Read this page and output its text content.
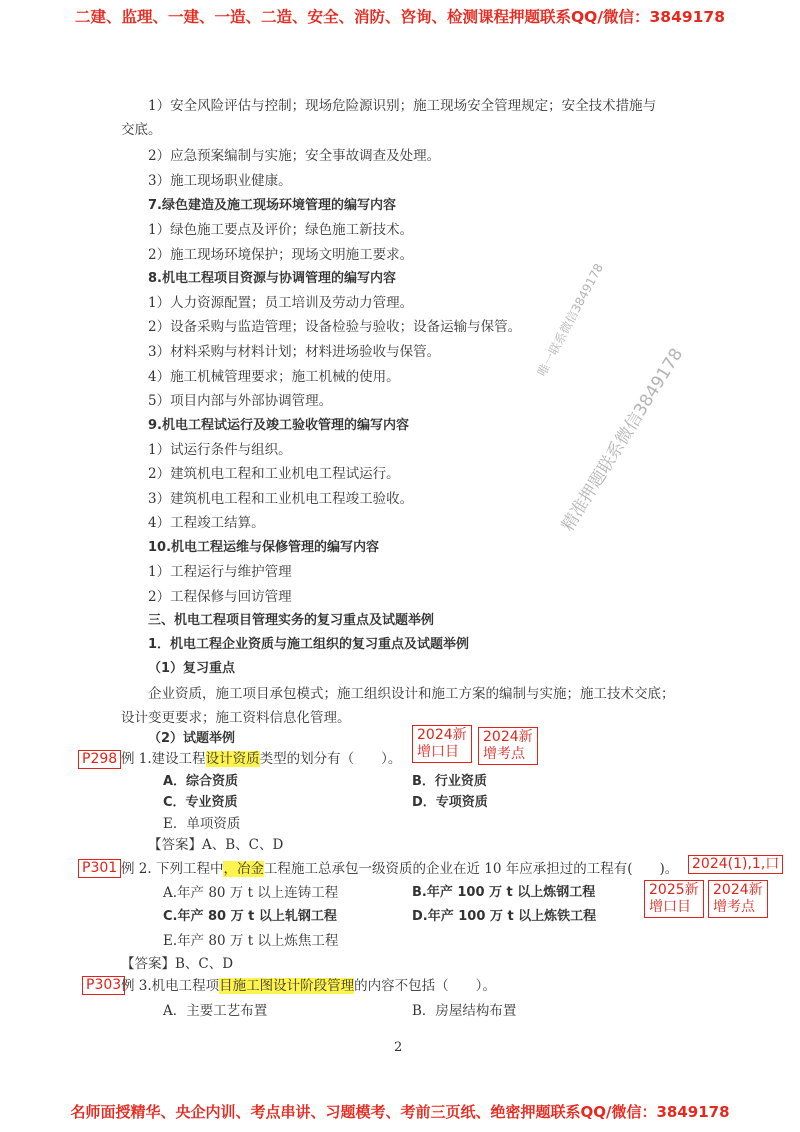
二建、监理、一建、一造、二造、安全、消防、咨询、检测课程押题联系QQ/微信：3849178
1）安全风险评估与控制；现场危险源识别；施工现场安全管理规定；安全技术措施与
交底。
2）应急预案编制与实施；安全事故调查及处理。
3）施工现场职业健康。
7.绿色建造及施工现场环境管理的编写内容
1）绿色施工要点及评价；绿色施工新技术。
2）施工现场环境保护；现场文明施工要求。
8.机电工程项目资源与协调管理的编写内容
1）人力资源配置；员工培训及劳动力管理。
2）设备采购与监造管理；设备检验与验收；设备运输与保管。
3）材料采购与材料计划；材料进场验收与保管。
4）施工机械管理要求；施工机械的使用。
5）项目内部与外部协调管理。
9.机电工程试运行及竣工验收管理的编写内容
1）试运行条件与组织。
2）建筑机电工程和工业机电工程试运行。
3）建筑机电工程和工业机电工程竣工验收。
4）工程竣工结算。
10.机电工程运维与保修管理的编写内容
1）工程运行与维护管理
2）工程保修与回访管理
三、机电工程项目管理实务的复习重点及试题举例
1．机电工程企业资质与施工组织的复习重点及试题举例
（1）复习重点
企业资质，施工项目承包模式；施工组织设计和施工方案的编制与实施；施工技术交底；
设计变更要求；施工资料信息化管理。
（2）试题举例
P298 例 1.建设工程设计资质类型的划分有（　　）。
2024新
增口目
2024新
增考点
A．综合资质	B．行业资质
C．专业资质	D．专项资质
E．单项资质
【答案】A、B、C、D
P301 例 2. 下列工程中，冶金工程施工总承包一级资质的企业在近 10 年应承担过的工程有(　　)。 2024(1),1,口
2025新
增口目
2024新
增考点
A.年产 80 万 t 以上连铸工程	B.年产 100 万 t 以上炼钢工程
C.年产 80 万 t 以上轧钢工程	D.年产 100 万 t 以上炼铁工程
E.年产 80 万 t 以上炼焦工程
【答案】B、C、D
P303 例 3.机电工程项目施工图设计阶段管理的内容不包括（　　）。
A．主要工艺布置	B．房屋结构布置
唯一联系微信3849178
精准押题联系微信3849178
2
名师面授精华、央企内训、考点串讲、习题模考、考前三页纸、绝密押题联系QQ/微信：3849178
